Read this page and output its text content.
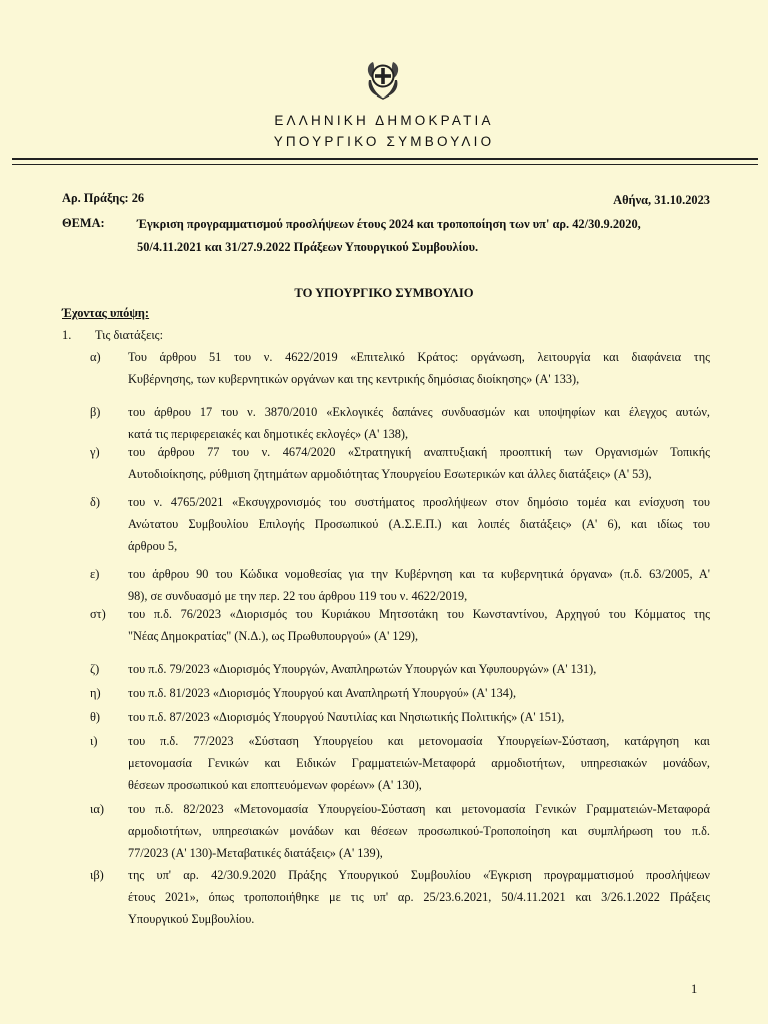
ΕΛΛΗΝΙΚΗ ΔΗΜΟΚΡΑΤΙΑ
ΥΠΟΥΡΓΙΚΟ ΣΥΜΒΟΥΛΙΟ
Αρ. Πράξης: 26	Αθήνα, 31.10.2023
ΘΕΜΑ:	Έγκριση προγραμματισμού προσλήψεων έτους 2024 και τροποποίηση των υπ' αρ. 42/30.9.2020,
50/4.11.2021 και 31/27.9.2022 Πράξεων Υπουργικού Συμβουλίου.
ΤΟ ΥΠΟΥΡΓΙΚΟ ΣΥΜΒΟΥΛΙΟ
Έχοντας υπόψη:
1. Τις διατάξεις:
α) Του άρθρου 51 του ν. 4622/2019 «Επιτελικό Κράτος: οργάνωση, λειτουργία και διαφάνεια της
Κυβέρνησης, των κυβερνητικών οργάνων και της κεντρικής δημόσιας διοίκησης» (Α' 133),
β) του άρθρου 17 του ν. 3870/2010 «Εκλογικές δαπάνες συνδυασμών και υποψηφίων και έλεγχος αυτών,
κατά τις περιφερειακές και δημοτικές εκλογές» (Α' 138),
γ) του άρθρου 77 του ν. 4674/2020 «Στρατηγική αναπτυξιακή προοπτική των Οργανισμών Τοπικής
Αυτοδιοίκησης, ρύθμιση ζητημάτων αρμοδιότητας Υπουργείου Εσωτερικών και άλλες διατάξεις» (Α' 53),
δ) του ν. 4765/2021 «Εκσυγχρονισμός του συστήματος προσλήψεων στον δημόσιο τομέα και ενίσχυση του
Ανώτατου Συμβουλίου Επιλογής Προσωπικού (Α.Σ.Ε.Π.) και λοιπές διατάξεις» (Α' 6), και ιδίως του
άρθρου 5,
ε) του άρθρου 90 του Κώδικα νομοθεσίας για την Κυβέρνηση και τα κυβερνητικά όργανα» (π.δ. 63/2005, Α'
98), σε συνδυασμό με την περ. 22 του άρθρου 119 του ν. 4622/2019,
στ) του π.δ. 76/2023 «Διορισμός του Κυριάκου Μητσοτάκη του Κωνσταντίνου, Αρχηγού του Κόμματος της
"Νέας Δημοκρατίας" (Ν.Δ.), ως Πρωθυπουργού» (Α' 129),
ζ) του π.δ. 79/2023 «Διορισμός Υπουργών, Αναπληρωτών Υπουργών και Υφυπουργών» (Α' 131),
η) του π.δ. 81/2023 «Διορισμός Υπουργού και Αναπληρωτή Υπουργού» (Α' 134),
θ) του π.δ. 87/2023 «Διορισμός Υπουργού Ναυτιλίας και Νησιωτικής Πολιτικής» (Α' 151),
ι) του π.δ. 77/2023 «Σύσταση Υπουργείου και μετονομασία Υπουργείων-Σύσταση, κατάργηση και
μετονομασία Γενικών και Ειδικών Γραμματειών-Μεταφορά αρμοδιοτήτων, υπηρεσιακών μονάδων,
θέσεων προσωπικού και εποπτευόμενων φορέων» (Α' 130),
ια) του π.δ. 82/2023 «Μετονομασία Υπουργείου-Σύσταση και μετονομασία Γενικών Γραμματειών-Μεταφορά
αρμοδιοτήτων, υπηρεσιακών μονάδων και θέσεων προσωπικού-Τροποποίηση και συμπλήρωση του π.δ.
77/2023 (Α' 130)-Μεταβατικές διατάξεις» (Α' 139),
ιβ) της υπ' αρ. 42/30.9.2020 Πράξης Υπουργικού Συμβουλίου «Έγκριση προγραμματισμού προσλήψεων
έτους 2021», όπως τροποποιήθηκε με τις υπ' αρ. 25/23.6.2021, 50/4.11.2021 και 3/26.1.2022 Πράξεις
Υπουργικού Συμβουλίου.
1
